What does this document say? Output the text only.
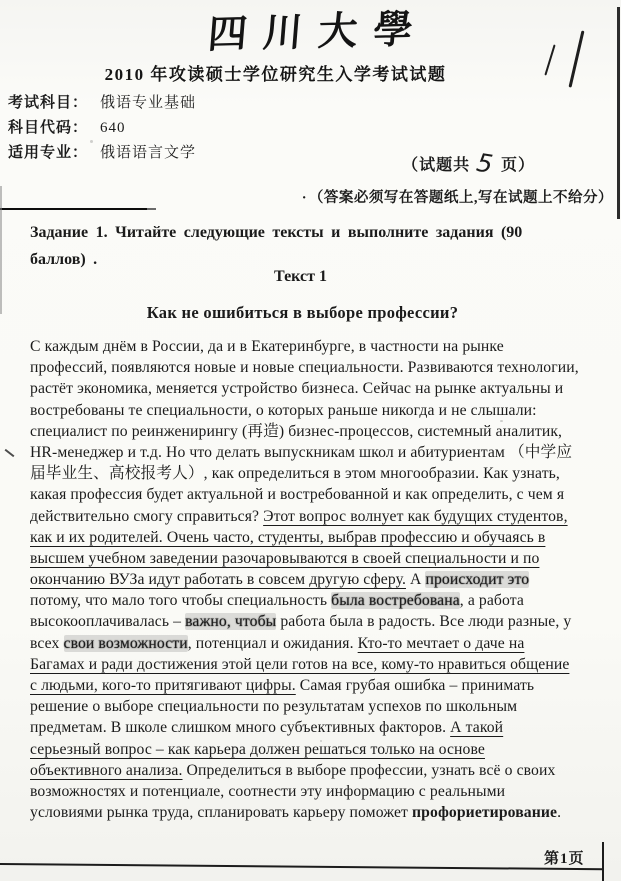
四川大學
2010 年攻读硕士学位研究生入学考试试题
考试科目： 俄语专业基础
科目代码： 640
适用专业： 俄语语言文学
（试题共 5 页）
· （答案必须写在答题纸上,写在试题上不给分）
Задание 1. Читайте следующие тексты и выполните задания (90
баллов) .
Текст 1
Как не ошибиться в выборе профессии?
С каждым днём в России, да и в Екатеринбурге, в частности на рынке
профессий, появляются новые и новые специальности. Развиваются технологии,
растёт экономика, меняется устройство бизнеса. Сейчас на рынке актуальны и
востребованы те специальности, о которых раньше никогда и не слышали:
специалист по реинженирингу (再造) бизнес-процессов, системный аналитик,
HR-менеджер и т.д. Но что делать выпускникам школ и абитуриентам （中学应
届毕业生、高校报考人）, как определиться в этом многообразии. Как узнать,
какая профессия будет актуальной и востребованной и как определить, с чем я
действительно смогу справиться? Этот вопрос волнует как будущих студентов,
как и их родителей. Очень часто, студенты, выбрав профессию и обучаясь в
высшем учебном заведении разочаровываются в своей специальности и по
окончанию ВУЗа идут работать в совсем другую сферу. А происходит это
потому, что мало того чтобы специальность была востребована, а работа
высокооплачивалась – важно, чтобы работа была в радость. Все люди разные, у
всех свои возможности, потенциал и ожидания. Кто-то мечтает о даче на
Багамах и ради достижения этой цели готов на все, кому-то нравиться общение
с людьми, кого-то притягивают цифры. Самая грубая ошибка – принимать
решение о выборе специальности по результатам успехов по школьным
предметам. В школе слишком много субъективных факторов. А такой
серьезный вопрос – как карьера должен решаться только на основе
объективного анализа. Определиться в выборе профессии, узнать всё о своих
возможностях и потенциале, соотнести эту информацию с реальными
условиями рынка труда, спланировать карьеру поможет профориетирование.
第1页
